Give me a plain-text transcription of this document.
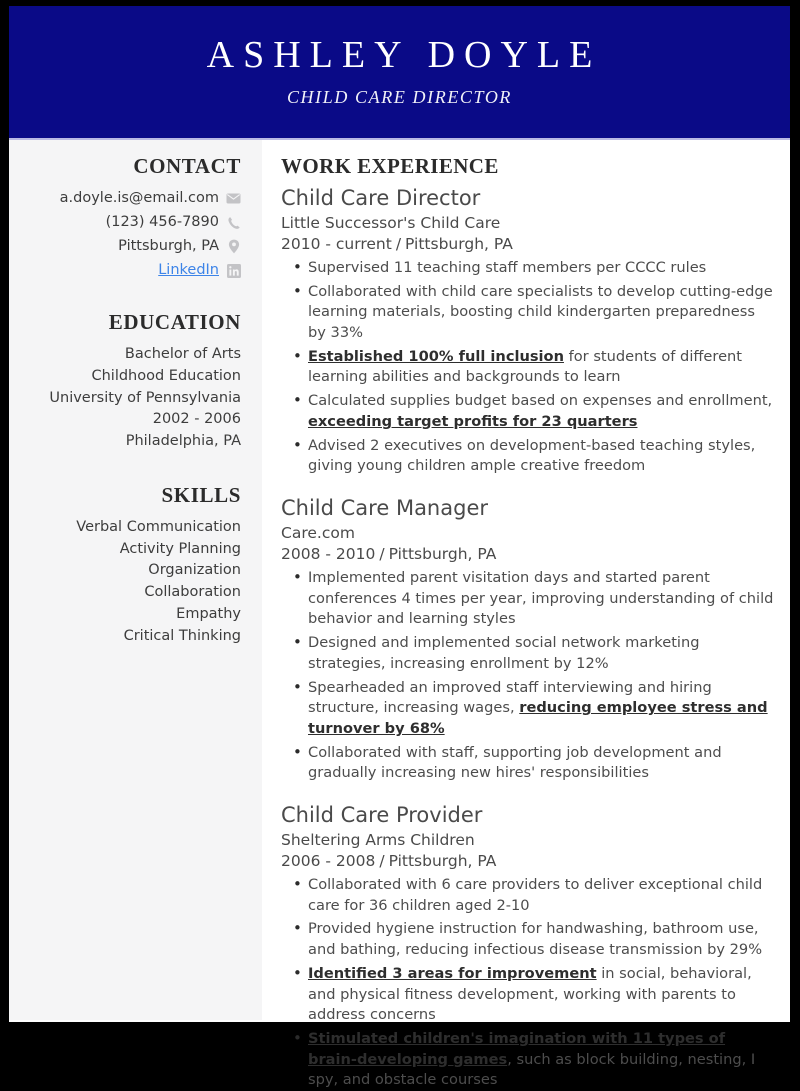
ASHLEY DOYLE
CHILD CARE DIRECTOR
CONTACT
a.doyle.is@email.com
(123) 456-7890
Pittsburgh, PA
LinkedIn
EDUCATION
Bachelor of Arts
Childhood Education
University of Pennsylvania
2002 - 2006
Philadelphia, PA
SKILLS
Verbal Communication
Activity Planning
Organization
Collaboration
Empathy
Critical Thinking
WORK EXPERIENCE
Child Care Director
Little Successor's Child Care
2010 - current / Pittsburgh, PA
• Supervised 11 teaching staff members per CCCC rules
• Collaborated with child care specialists to develop cutting-edge learning materials, boosting child kindergarten preparedness by 33%
• Established 100% full inclusion for students of different learning abilities and backgrounds to learn
• Calculated supplies budget based on expenses and enrollment, exceeding target profits for 23 quarters
• Advised 2 executives on development-based teaching styles, giving young children ample creative freedom
Child Care Manager
Care.com
2008 - 2010 / Pittsburgh, PA
• Implemented parent visitation days and started parent conferences 4 times per year, improving understanding of child behavior and learning styles
• Designed and implemented social network marketing strategies, increasing enrollment by 12%
• Spearheaded an improved staff interviewing and hiring structure, increasing wages, reducing employee stress and turnover by 68%
• Collaborated with staff, supporting job development and gradually increasing new hires' responsibilities
Child Care Provider
Sheltering Arms Children
2006 - 2008 / Pittsburgh, PA
• Collaborated with 6 care providers to deliver exceptional child care for 36 children aged 2-10
• Provided hygiene instruction for handwashing, bathroom use, and bathing, reducing infectious disease transmission by 29%
• Identified 3 areas for improvement in social, behavioral, and physical fitness development, working with parents to address concerns
• Stimulated children's imagination with 11 types of brain-developing games, such as block building, nesting, I spy, and obstacle courses
